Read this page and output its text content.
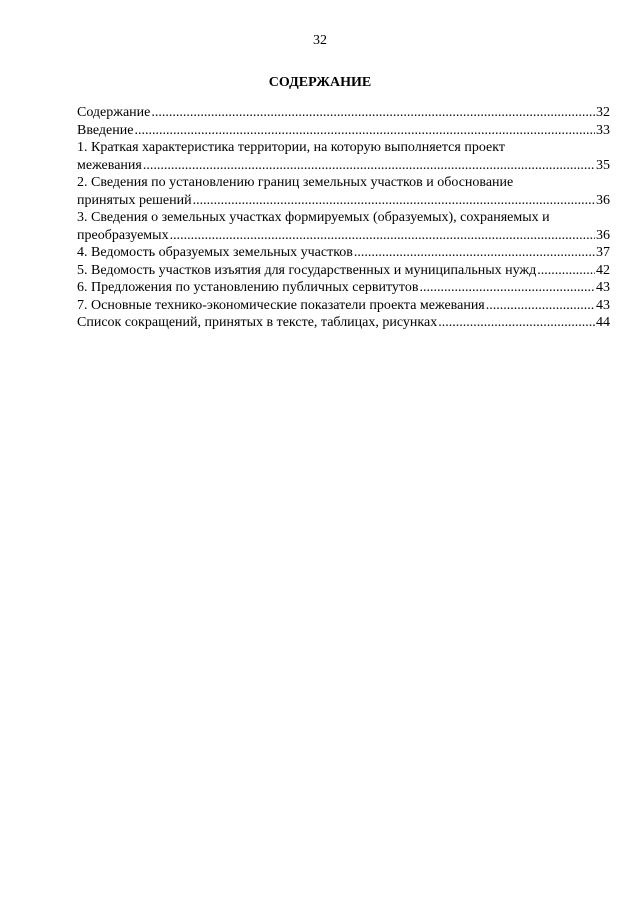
32
СОДЕРЖАНИЕ
Содержание .....	32
Введение .....	33
1. Краткая характеристика территории, на которую выполняется проект
межевания .....	35
2. Сведения по установлению границ земельных участков и обоснование
принятых решений .....	36
3. Сведения о земельных участках формируемых (образуемых), сохраняемых и
преобразуемых .....	36
4. Ведомость образуемых земельных участков .....	37
5. Ведомость участков изъятия для государственных и муниципальных нужд .....	42
6. Предложения по установлению публичных сервитутов .....	43
7. Основные технико-экономические показатели проекта межевания .....	43
Список сокращений, принятых в тексте, таблицах, рисунках .....	44
